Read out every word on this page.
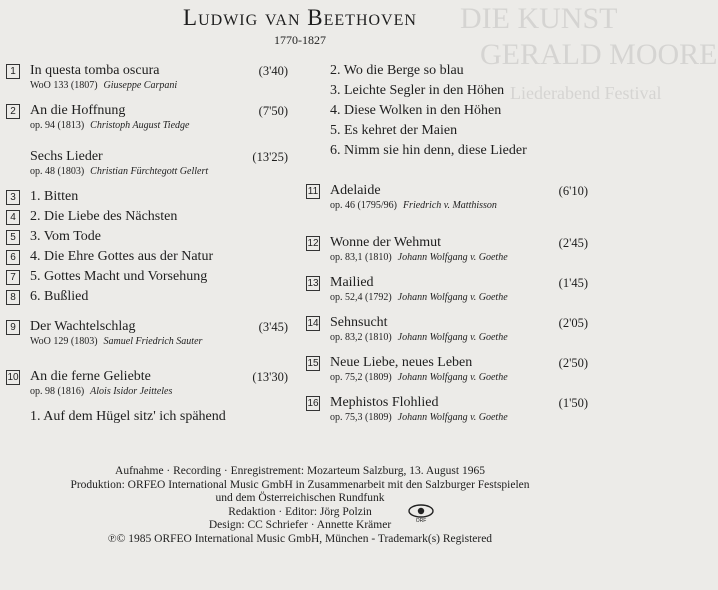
DIE KUNST
GERALD MOORE
Liederabend Festival
Ludwig van Beethoven
1770-1827
1	In questa tomba oscura	(3'40)
WoO 133 (1807) Giuseppe Carpani
2	An die Hoffnung	(7'50)
op. 94 (1813) Christoph August Tiedge
Sechs Lieder	(13'25)
op. 48 (1803) Christian Fürchtegott Gellert
3	1. Bitten
4	2. Die Liebe des Nächsten
5	3. Vom Tode
6	4. Die Ehre Gottes aus der Natur
7	5. Gottes Macht und Vorsehung
8	6. Bußlied
9	Der Wachtelschlag	(3'45)
WoO 129 (1803) Samuel Friedrich Sauter
10 An die ferne Geliebte	(13'30)
op. 98 (1816) Alois Isidor Jeitteles
1. Auf dem Hügel sitz' ich spähend
2. Wo die Berge so blau
3. Leichte Segler in den Höhen
4. Diese Wolken in den Höhen
5. Es kehret der Maien
6. Nimm sie hin denn, diese Lieder
11 Adelaide	(6'10)
op. 46 (1795/96) Friedrich v. Matthisson
12 Wonne der Wehmut	(2'45)
op. 83,1 (1810) Johann Wolfgang v. Goethe
13 Mailied	(1'45)
op. 52,4 (1792) Johann Wolfgang v. Goethe
14 Sehnsucht	(2'05)
op. 83,2 (1810) Johann Wolfgang v. Goethe
15 Neue Liebe, neues Leben	(2'50)
op. 75,2 (1809) Johann Wolfgang v. Goethe
16 Mephistos Flohlied	(1'50)
op. 75,3 (1809) Johann Wolfgang v. Goethe
Aufnahme · Recording · Enregistrement: Mozarteum Salzburg, 13. August 1965
Produktion: ORFEO International Music GmbH in Zusammenarbeit mit den Salzburger Festspielen
und dem Österreichischen Rundfunk
Redaktion · Editor: Jörg Polzin
Design: CC Schriefer · Annette Krämer
℗© 1985 ORFEO International Music GmbH, München - Trademark(s) Registered
ORF
